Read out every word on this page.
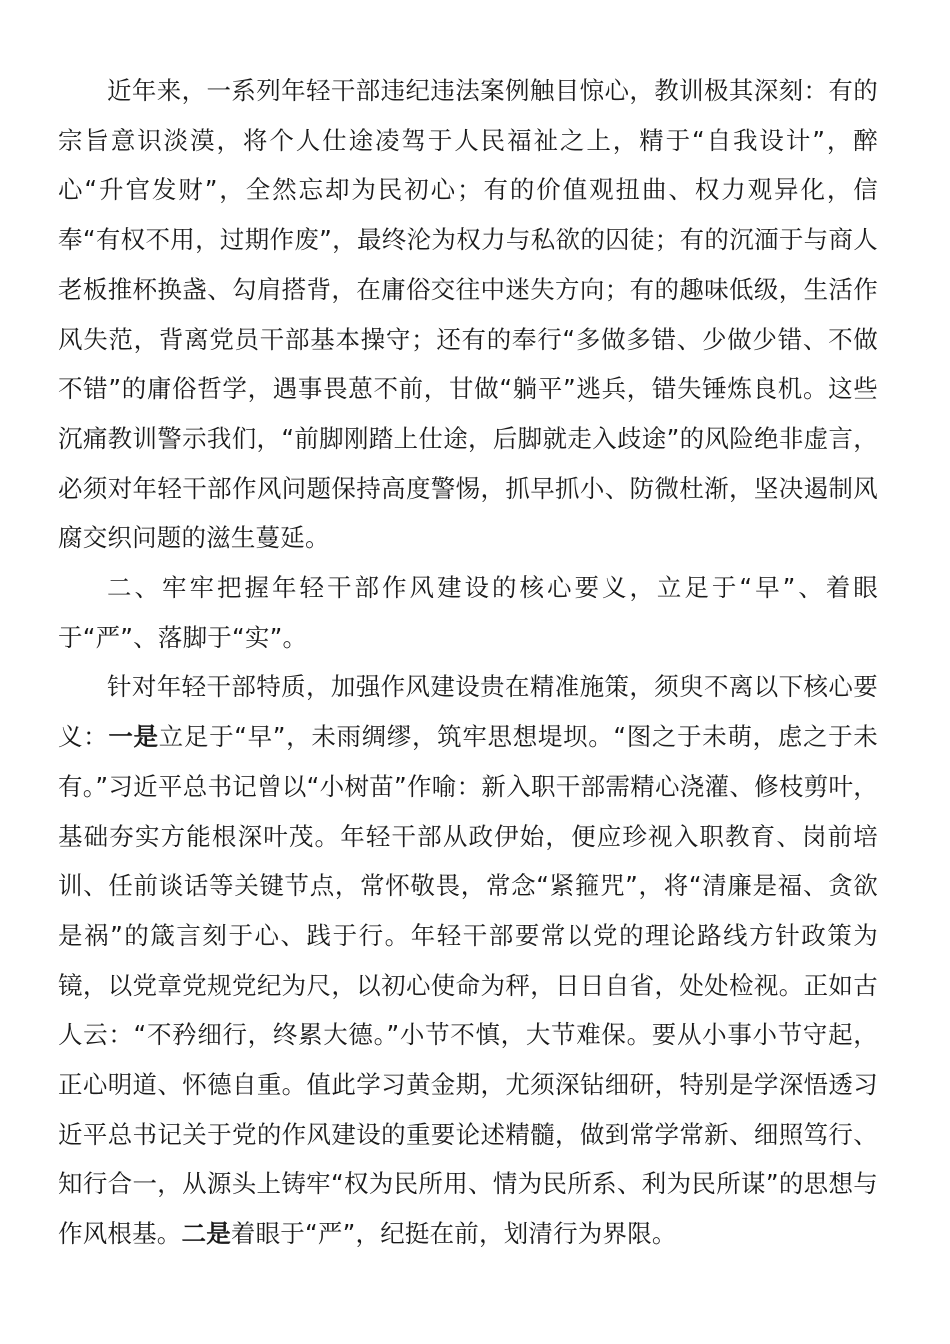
近年来，一系列年轻干部违纪违法案例触目惊心，教训极其深刻：有的宗旨意识淡漠，将个人仕途凌驾于人民福祉之上，精于“自我设计”，醉心“升官发财”，全然忘却为民初心；有的价值观扭曲、权力观异化，信奉“有权不用，过期作废”，最终沦为权力与私欲的囚徒；有的沉湎于与商人老板推杯换盏、勾肩搭背，在庸俗交往中迷失方向；有的趣味低级，生活作风失范，背离党员干部基本操守；还有的奉行“多做多错、少做少错、不做不错”的庸俗哲学，遇事畏葸不前，甘做“躺平”逃兵，错失锤炼良机。这些沉痛教训警示我们，“前脚刚踏上仕途，后脚就走入歧途”的风险绝非虚言，必须对年轻干部作风问题保持高度警惕，抓早抓小、防微杜渐，坚决遏制风腐交织问题的滋生蔓延。

二、牢牢把握年轻干部作风建设的核心要义，立足于“早”、着眼于“严”、落脚于“实”。

针对年轻干部特质，加强作风建设贵在精准施策，须臾不离以下核心要义：一是立足于“早”，未雨绸缪，筑牢思想堤坝。“图之于未萌，虑之于未有。”习近平总书记曾以“小树苗”作喻：新入职干部需精心浇灌、修枝剪叶，基础夯实方能根深叶茂。年轻干部从政伊始，便应珍视入职教育、岗前培训、任前谈话等关键节点，常怀敬畏，常念“紧箍咒”，将“清廉是福、贪欲是祸”的箴言刻于心、践于行。年轻干部要常以党的理论路线方针政策为镜，以党章党规党纪为尺，以初心使命为秤，日日自省，处处检视。正如古人云：“不矜细行，终累大德。”小节不慎，大节难保。要从小事小节守起，正心明道、怀德自重。值此学习黄金期，尤须深钻细研，特别是学深悟透习近平总书记关于党的作风建设的重要论述精髓，做到常学常新、细照笃行、知行合一，从源头上铸牢“权为民所用、情为民所系、利为民所谋”的思想与作风根基。二是着眼于“严”，纪挺在前，划清行为界限。
